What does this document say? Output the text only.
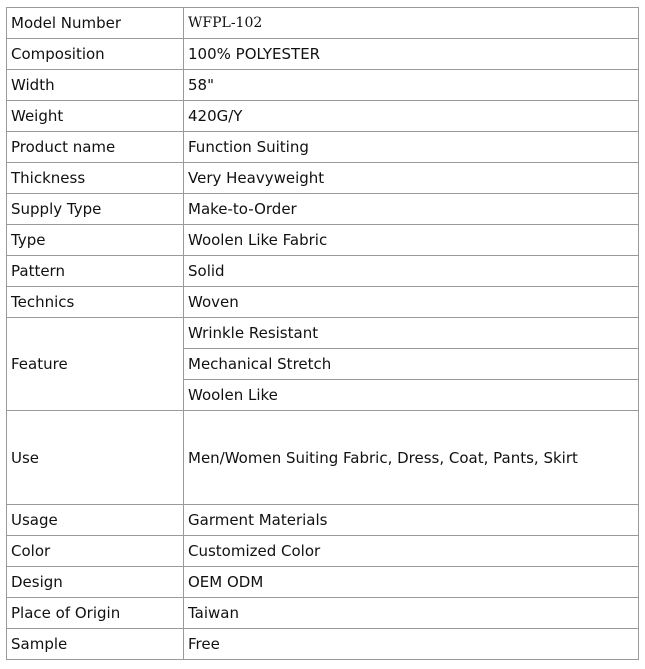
Model Number	WFPL-102
Composition	100% POLYESTER
Width	58"
Weight	420G/Y
Product name	Function Suiting
Thickness	Very Heavyweight
Supply Type	Make-to-Order
Type	Woolen Like Fabric
Pattern	Solid
Technics	Woven
Feature	Wrinkle Resistant
	Mechanical Stretch
	Woolen Like
Use	Men/Women Suiting Fabric, Dress, Coat, Pants, Skirt
Usage	Garment Materials
Color	Customized Color
Design	OEM ODM
Place of Origin	Taiwan
Sample	Free
